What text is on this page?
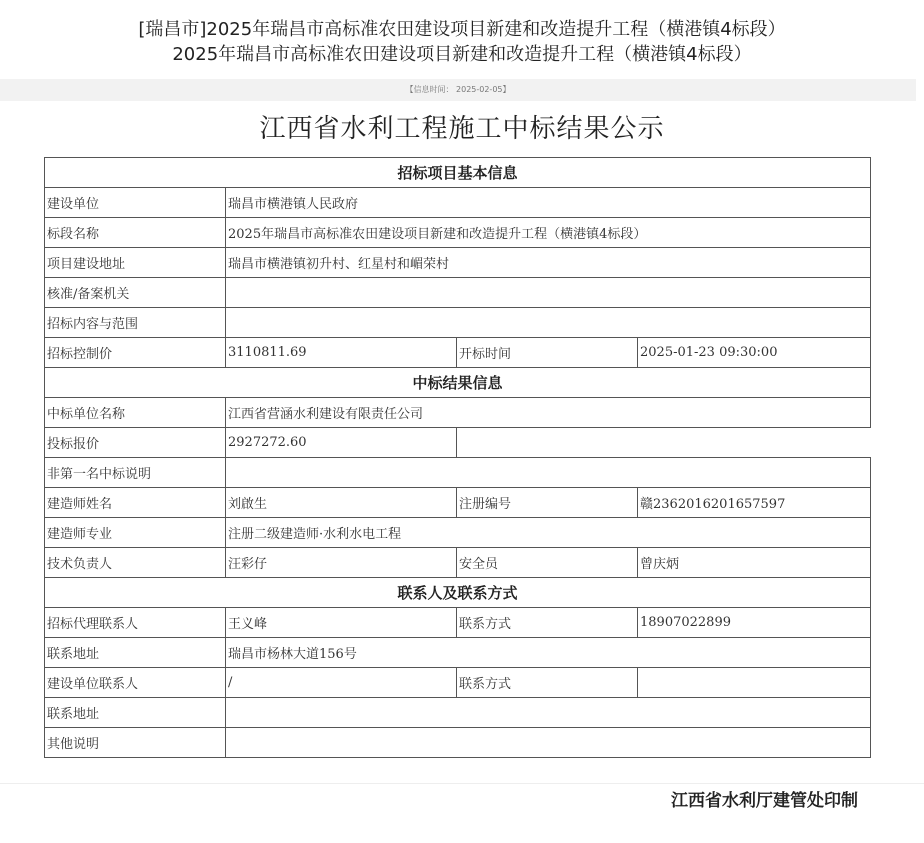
[瑞昌市]2025年瑞昌市高标准农田建设项目新建和改造提升工程（横港镇4标段）
2025年瑞昌市高标准农田建设项目新建和改造提升工程（横港镇4标段）
【信息时间： 2025-02-05】
江西省水利工程施工中标结果公示
招标项目基本信息			
建设单位	瑞昌市横港镇人民政府		
标段名称	2025年瑞昌市高标准农田建设项目新建和改造提升工程（横港镇4标段）		
项目建设地址	瑞昌市横港镇初升村、红星村和嵋荣村		
核准/备案机关			
招标内容与范围			
招标控制价	3110811.69	开标时间	2025-01-23 09:30:00
中标结果信息			
中标单位名称	江西省营涵水利建设有限责任公司		
投标报价	2927272.60		
非第一名中标说明			
建造师姓名	刘啟生	注册编号	赣2362016201657597
建造师专业	注册二级建造师·水利水电工程		
技术负责人	汪彩仔	安全员	曾庆炳
联系人及联系方式			
招标代理联系人	王义峰	联系方式	18907022899
联系地址	瑞昌市杨林大道156号		
建设单位联系人	/	联系方式	
联系地址			
其他说明			
江西省水利厅建管处印制
